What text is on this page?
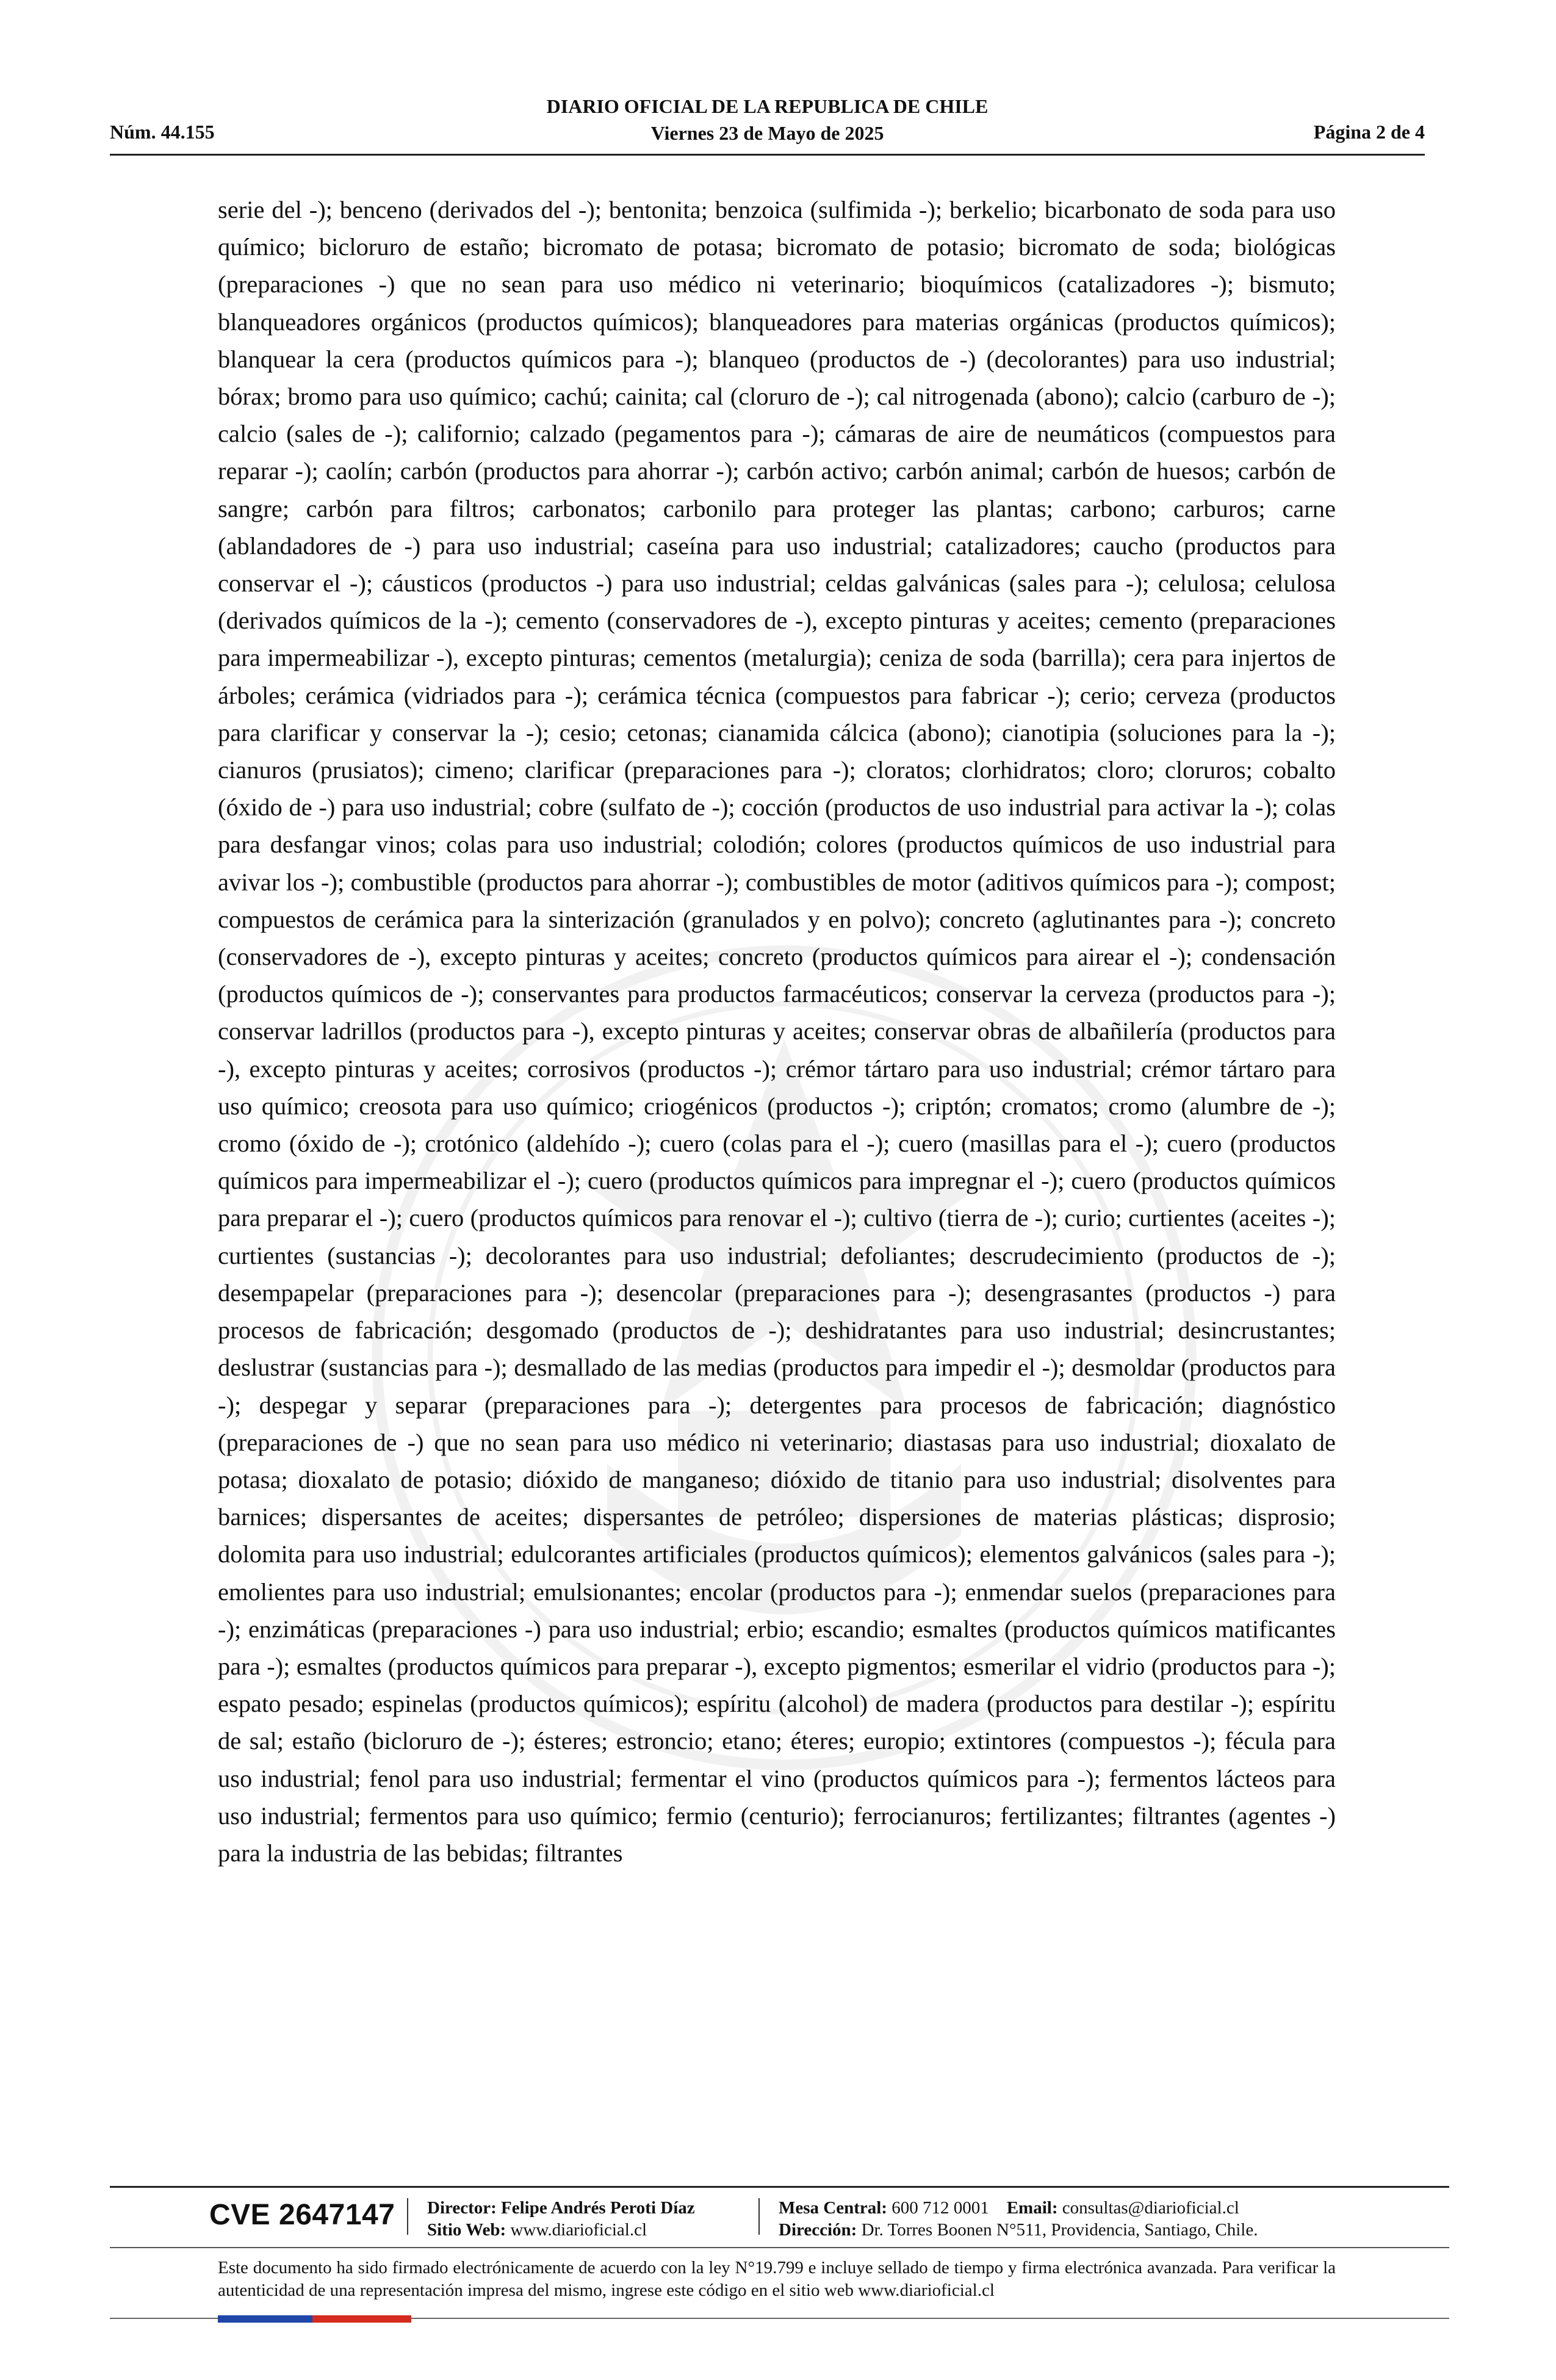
Núm. 44.155
DIARIO OFICIAL DE LA REPUBLICA DE CHILE
Viernes 23 de Mayo de 2025	Página 2 de 4

serie del -); benceno (derivados del -); bentonita; benzoica (sulfimida -); berkelio; bicarbonato de soda para uso químico; bicloruro de estaño; bicromato de potasa; bicromato de potasio; bicromato de soda; biológicas (preparaciones -) que no sean para uso médico ni veterinario; bioquímicos (catalizadores -); bismuto; blanqueadores orgánicos (productos químicos); blanqueadores para materias orgánicas (productos químicos); blanquear la cera (productos químicos para -); blanqueo (productos de -) (decolorantes) para uso industrial; bórax; bromo para uso químico; cachú; cainita; cal (cloruro de -); cal nitrogenada (abono); calcio (carburo de -); calcio (sales de -); californio; calzado (pegamentos para -); cámaras de aire de neumáticos (compuestos para reparar -); caolín; carbón (productos para ahorrar -); carbón activo; carbón animal; carbón de huesos; carbón de sangre; carbón para filtros; carbonatos; carbonilo para proteger las plantas; carbono; carburos; carne (ablandadores de -) para uso industrial; caseína para uso industrial; catalizadores; caucho (productos para conservar el -); cáusticos (productos -) para uso industrial; celdas galvánicas (sales para -); celulosa; celulosa (derivados químicos de la -); cemento (conservadores de -), excepto pinturas y aceites; cemento (preparaciones para impermeabilizar -), excepto pinturas; cementos (metalurgia); ceniza de soda (barrilla); cera para injertos de árboles; cerámica (vidriados para -); cerámica técnica (compuestos para fabricar -); cerio; cerveza (productos para clarificar y conservar la -); cesio; cetonas; cianamida cálcica (abono); cianotipia (soluciones para la -); cianuros (prusiatos); cimeno; clarificar (preparaciones para -); cloratos; clorhidratos; cloro; cloruros; cobalto (óxido de -) para uso industrial; cobre (sulfato de -); cocción (productos de uso industrial para activar la -); colas para desfangar vinos; colas para uso industrial; colodión; colores (productos químicos de uso industrial para avivar los -); combustible (productos para ahorrar -); combustibles de motor (aditivos químicos para -); compost; compuestos de cerámica para la sinterización (granulados y en polvo); concreto (aglutinantes para -); concreto (conservadores de -), excepto pinturas y aceites; concreto (productos químicos para airear el -); condensación (productos químicos de -); conservantes para productos farmacéuticos; conservar la cerveza (productos para -); conservar ladrillos (productos para -), excepto pinturas y aceites; conservar obras de albañilería (productos para -), excepto pinturas y aceites; corrosivos (productos -); crémor tártaro para uso industrial; crémor tártaro para uso químico; creosota para uso químico; criogénicos (productos -); criptón; cromatos; cromo (alumbre de -); cromo (óxido de -); crotónico (aldehído -); cuero (colas para el -); cuero (masillas para el -); cuero (productos químicos para impermeabilizar el -); cuero (productos químicos para impregnar el -); cuero (productos químicos para preparar el -); cuero (productos químicos para renovar el -); cultivo (tierra de -); curio; curtientes (aceites -); curtientes (sustancias -); decolorantes para uso industrial; defoliantes; descrudecimiento (productos de -); desempapelar (preparaciones para -); desencolar (preparaciones para -); desengrasantes (productos -) para procesos de fabricación; desgomado (productos de -); deshidratantes para uso industrial; desincrustantes; deslustrar (sustancias para -); desmallado de las medias (productos para impedir el -); desmoldar (productos para -); despegar y separar (preparaciones para -); detergentes para procesos de fabricación; diagnóstico (preparaciones de -) que no sean para uso médico ni veterinario; diastasas para uso industrial; dioxalato de potasa; dioxalato de potasio; dióxido de manganeso; dióxido de titanio para uso industrial; disolventes para barnices; dispersantes de aceites; dispersantes de petróleo; dispersiones de materias plásticas; disprosio; dolomita para uso industrial; edulcorantes artificiales (productos químicos); elementos galvánicos (sales para -); emolientes para uso industrial; emulsionantes; encolar (productos para -); enmendar suelos (preparaciones para -); enzimáticas (preparaciones -) para uso industrial; erbio; escandio; esmaltes (productos químicos matificantes para -); esmaltes (productos químicos para preparar -), excepto pigmentos; esmerilar el vidrio (productos para -); espato pesado; espinelas (productos químicos); espíritu (alcohol) de madera (productos para destilar -); espíritu de sal; estaño (bicloruro de -); ésteres; estroncio; etano; éteres; europio; extintores (compuestos -); fécula para uso industrial; fenol para uso industrial; fermentar el vino (productos químicos para -); fermentos lácteos para uso industrial; fermentos para uso químico; fermio (centurio); ferrocianuros; fertilizantes; filtrantes (agentes -) para la industria de las bebidas; filtrantes

CVE 2647147 Director: Felipe Andrés Peroti Díaz
Sitio Web: www.diarioficial.cl
Mesa Central: 600 712 0001 Email: consultas@diarioficial.cl
Dirección: Dr. Torres Boonen N°511, Providencia, Santiago, Chile.
Este documento ha sido firmado electrónicamente de acuerdo con la ley N°19.799 e incluye sellado de tiempo y firma electrónica avanzada. Para verificar la autenticidad de una representación impresa del mismo, ingrese este código en el sitio web www.diarioficial.cl
